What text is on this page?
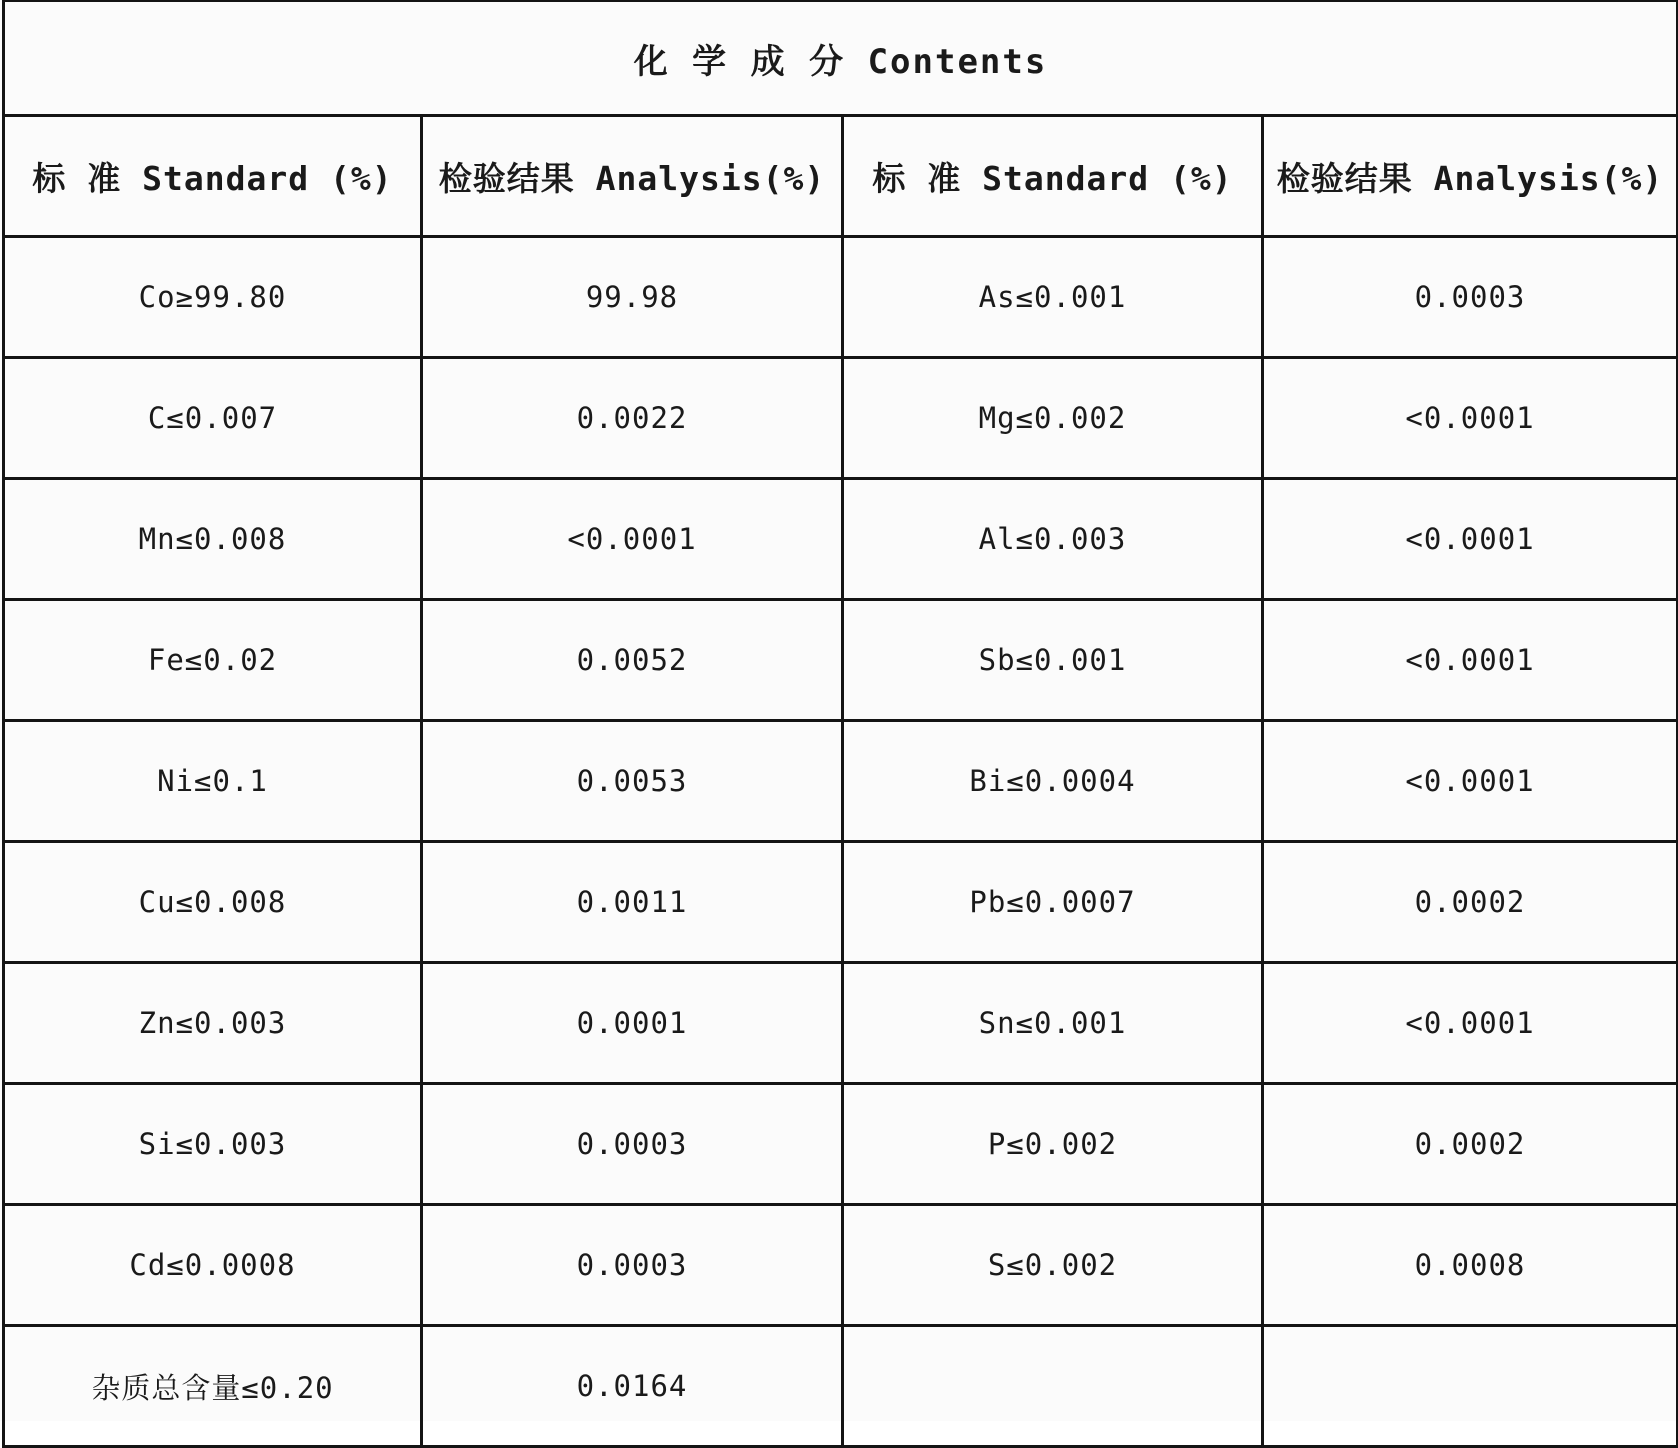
化 学 成 分 Contents			
标 准 Standard (%)	检验结果 Analysis(%)	标 准 Standard (%)	检验结果 Analysis(%)
Co≥99.80	99.98	As≤0.001	0.0003
C≤0.007	0.0022	Mg≤0.002	<0.0001
Mn≤0.008	<0.0001	Al≤0.003	<0.0001
Fe≤0.02	0.0052	Sb≤0.001	<0.0001
Ni≤0.1	0.0053	Bi≤0.0004	<0.0001
Cu≤0.008	0.0011	Pb≤0.0007	0.0002
Zn≤0.003	0.0001	Sn≤0.001	<0.0001
Si≤0.003	0.0003	P≤0.002	0.0002
Cd≤0.0008	0.0003	S≤0.002	0.0008
杂质总含量≤0.20	0.0164		
